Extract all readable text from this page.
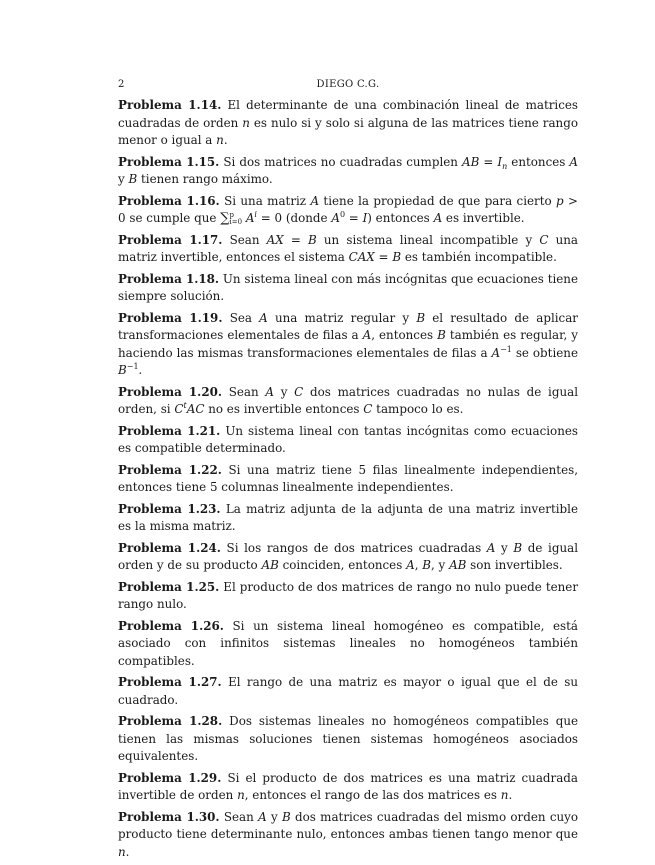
2	DIEGO C.G.

Problema 1.14. El determinante de una combinación lineal de matrices cuadradas de orden n es nulo si y solo si alguna de las matrices tiene rango menor o igual a n.

Problema 1.15. Si dos matrices no cuadradas cumplen AB = $I_n$ entonces A y B tienen rango máximo.

Problema 1.16. Si una matriz A tiene la propiedad de que para cierto p > 0 se cumple que ∑ p
i=0 $A^i = 0$ (donde $A^0 = I$) entonces A es invertible.

Problema 1.17. Sean AX = B un sistema lineal incompatible y C una matriz invertible, entonces el sistema CAX = B es también incompatible.

Problema 1.18. Un sistema lineal con más incógnitas que ecuaciones tiene siempre solución.

Problema 1.19. Sea A una matriz regular y B el resultado de aplicar transformaciones elementales de filas a A, entonces B también es regular, y haciendo las mismas transformaciones elementales de filas a $A^{-1}$ se obtiene $B^{-1}$.

Problema 1.20. Sean A y C dos matrices cuadradas no nulas de igual orden, si $C^tAC$ no es invertible entonces C tampoco lo es.

Problema 1.21. Un sistema lineal con tantas incógnitas como ecuaciones es compatible determinado.

Problema 1.22. Si una matriz tiene 5 filas linealmente independientes, entonces tiene 5 columnas linealmente independientes.

Problema 1.23. La matriz adjunta de la adjunta de una matriz invertible es la misma matriz.

Problema 1.24. Si los rangos de dos matrices cuadradas A y B de igual orden y de su producto AB coinciden, entonces A, B, y AB son invertibles.

Problema 1.25. El producto de dos matrices de rango no nulo puede tener rango nulo.

Problema 1.26. Si un sistema lineal homogéneo es compatible, está asociado con infinitos sistemas lineales no homogéneos también compatibles.

Problema 1.27. El rango de una matriz es mayor o igual que el de su cuadrado.

Problema 1.28. Dos sistemas lineales no homogéneos compatibles que tienen las mismas soluciones tienen sistemas homogéneos asociados equivalentes.

Problema 1.29. Si el producto de dos matrices es una matriz cuadrada invertible de orden n, entonces el rango de las dos matrices es n.

Problema 1.30. Sean A y B dos matrices cuadradas del mismo orden cuyo producto tiene determinante nulo, entonces ambas tienen tango menor que n.
